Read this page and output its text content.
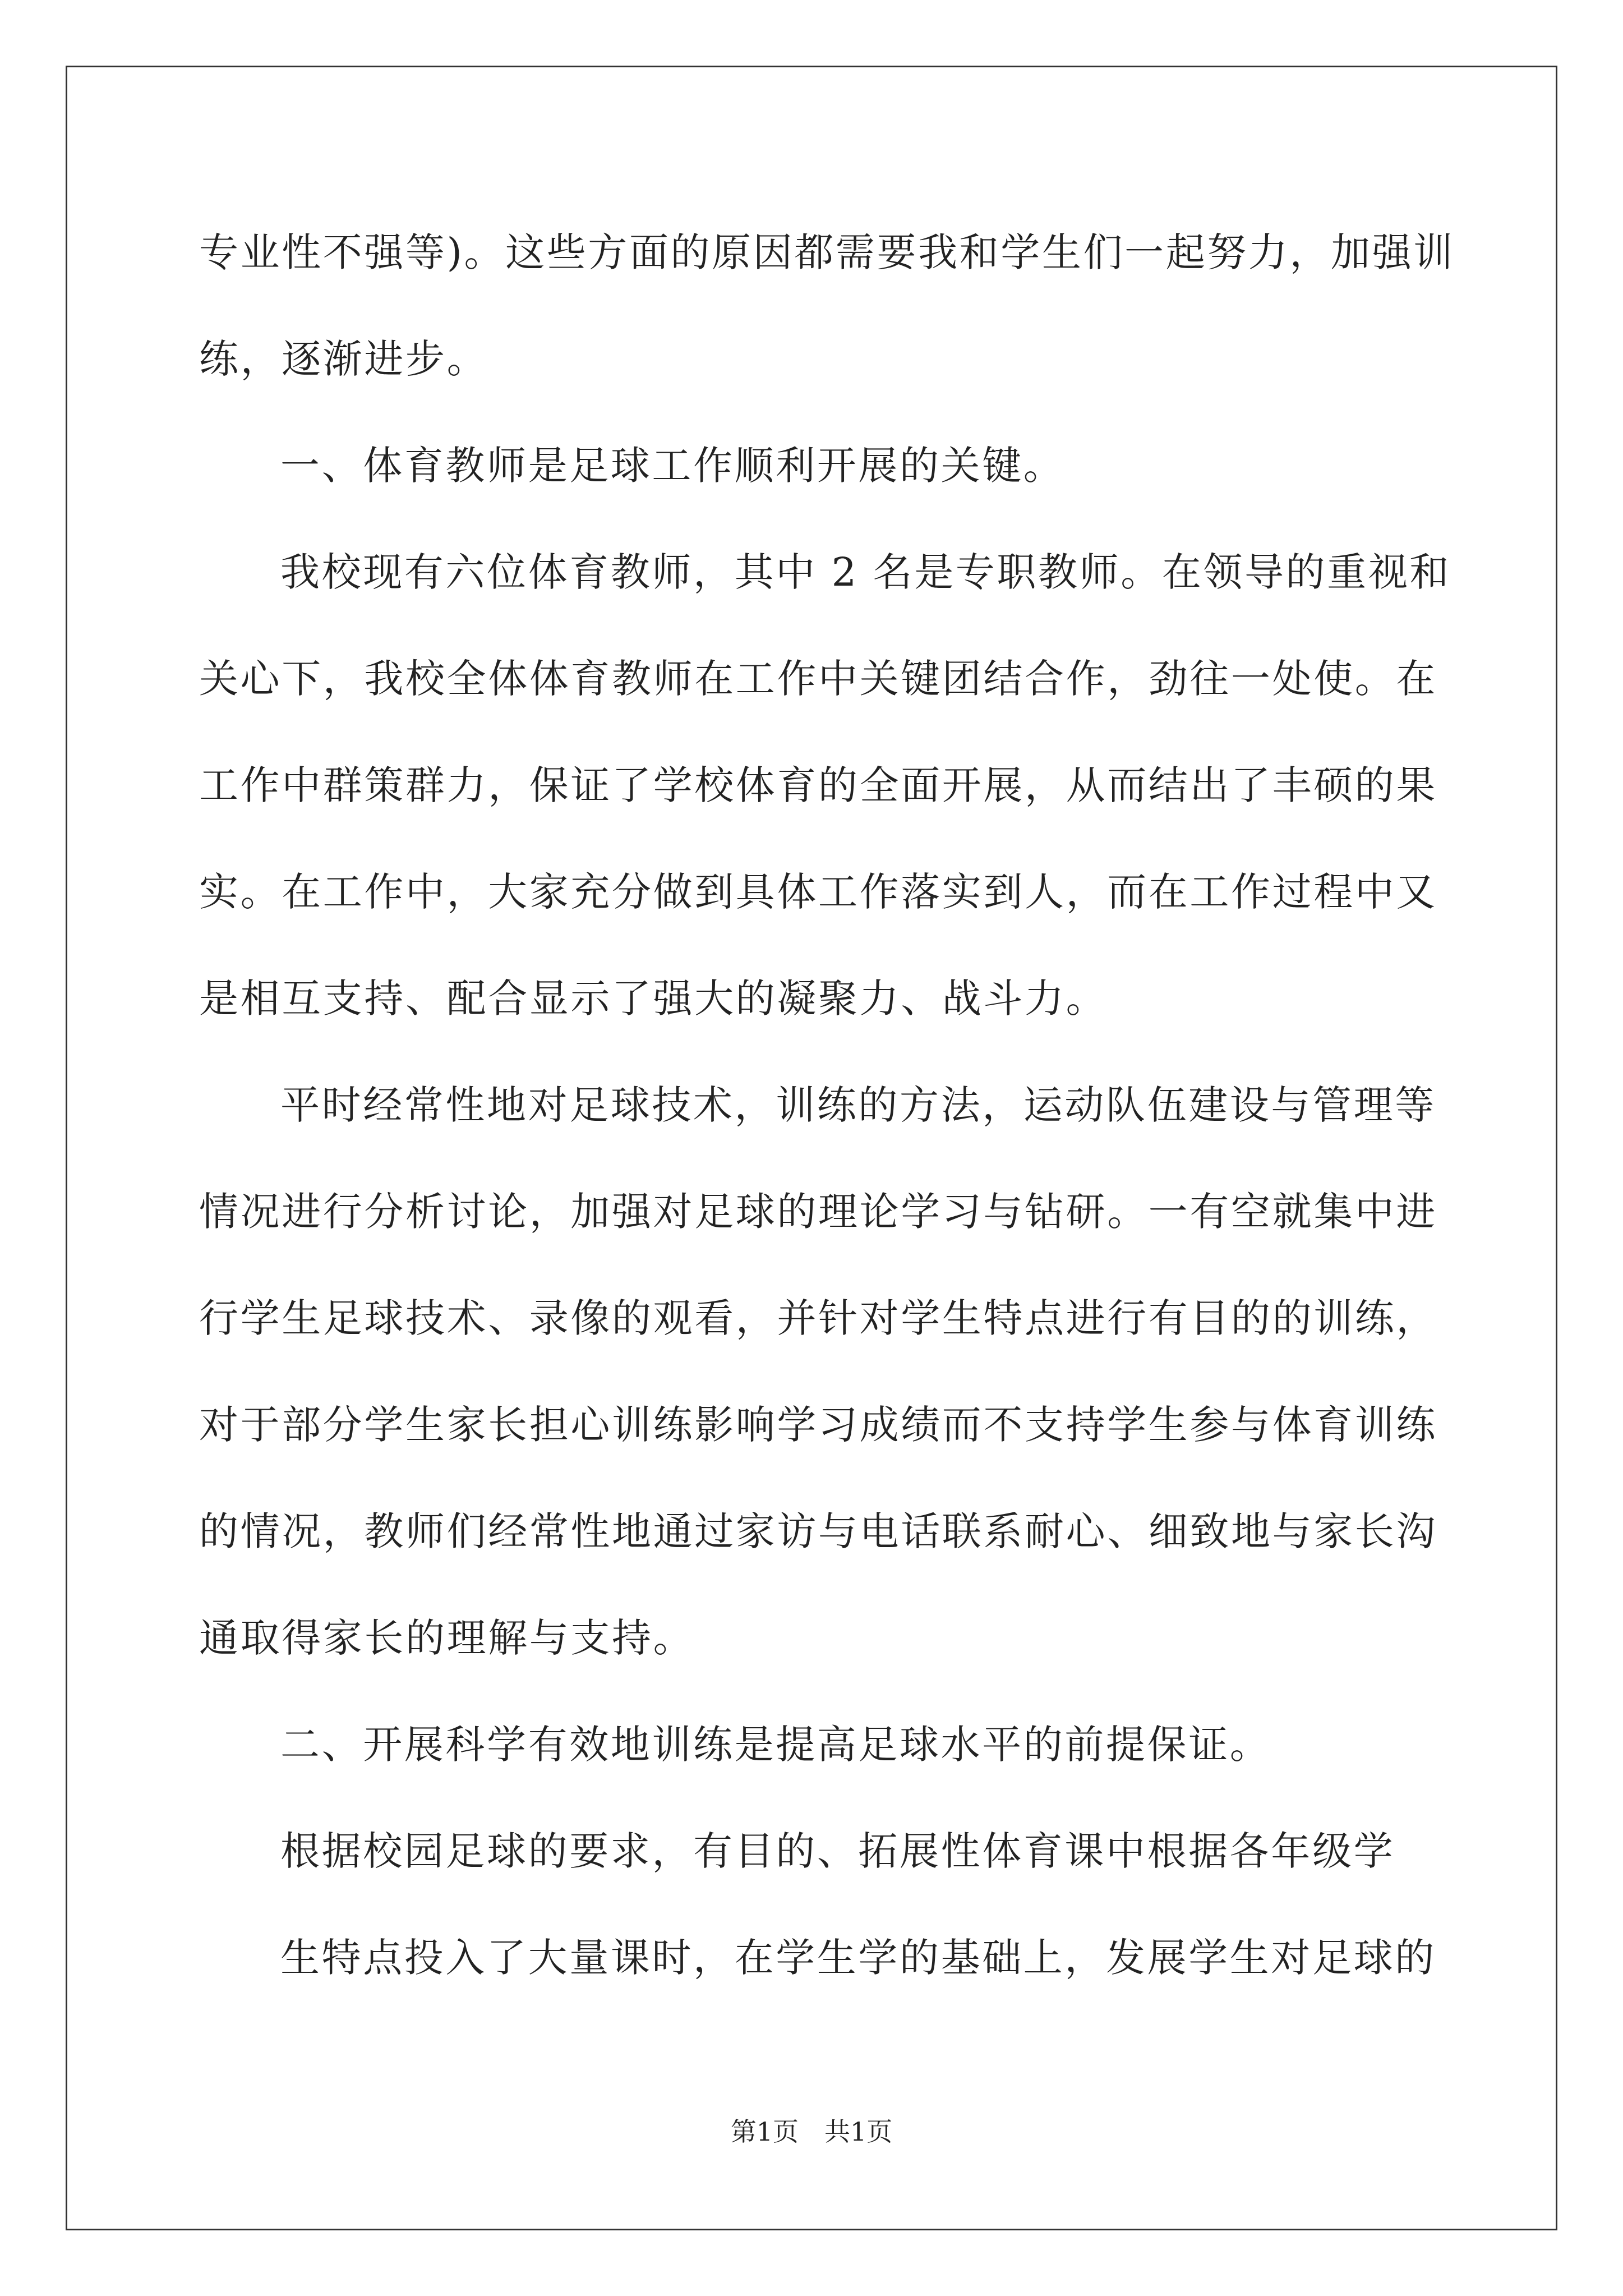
专业性不强等)。这些方面的原因都需要我和学生们一起努力，加强训
练，逐渐进步。
一、体育教师是足球工作顺利开展的关键。
我校现有六位体育教师，其中 2 名是专职教师。在领导的重视和
关心下，我校全体体育教师在工作中关键团结合作，劲往一处使。在
工作中群策群力，保证了学校体育的全面开展，从而结出了丰硕的果
实。在工作中，大家充分做到具体工作落实到人，而在工作过程中又
是相互支持、配合显示了强大的凝聚力、战斗力。
平时经常性地对足球技术，训练的方法，运动队伍建设与管理等
情况进行分析讨论，加强对足球的理论学习与钻研。一有空就集中进
行学生足球技术、录像的观看，并针对学生特点进行有目的的训练，
对于部分学生家长担心训练影响学习成绩而不支持学生参与体育训练
的情况，教师们经常性地通过家访与电话联系耐心、细致地与家长沟
通取得家长的理解与支持。
二、开展科学有效地训练是提高足球水平的前提保证。
根据校园足球的要求，有目的、拓展性体育课中根据各年级学
生特点投入了大量课时，在学生学的基础上，发展学生对足球的
第1页　共1页
